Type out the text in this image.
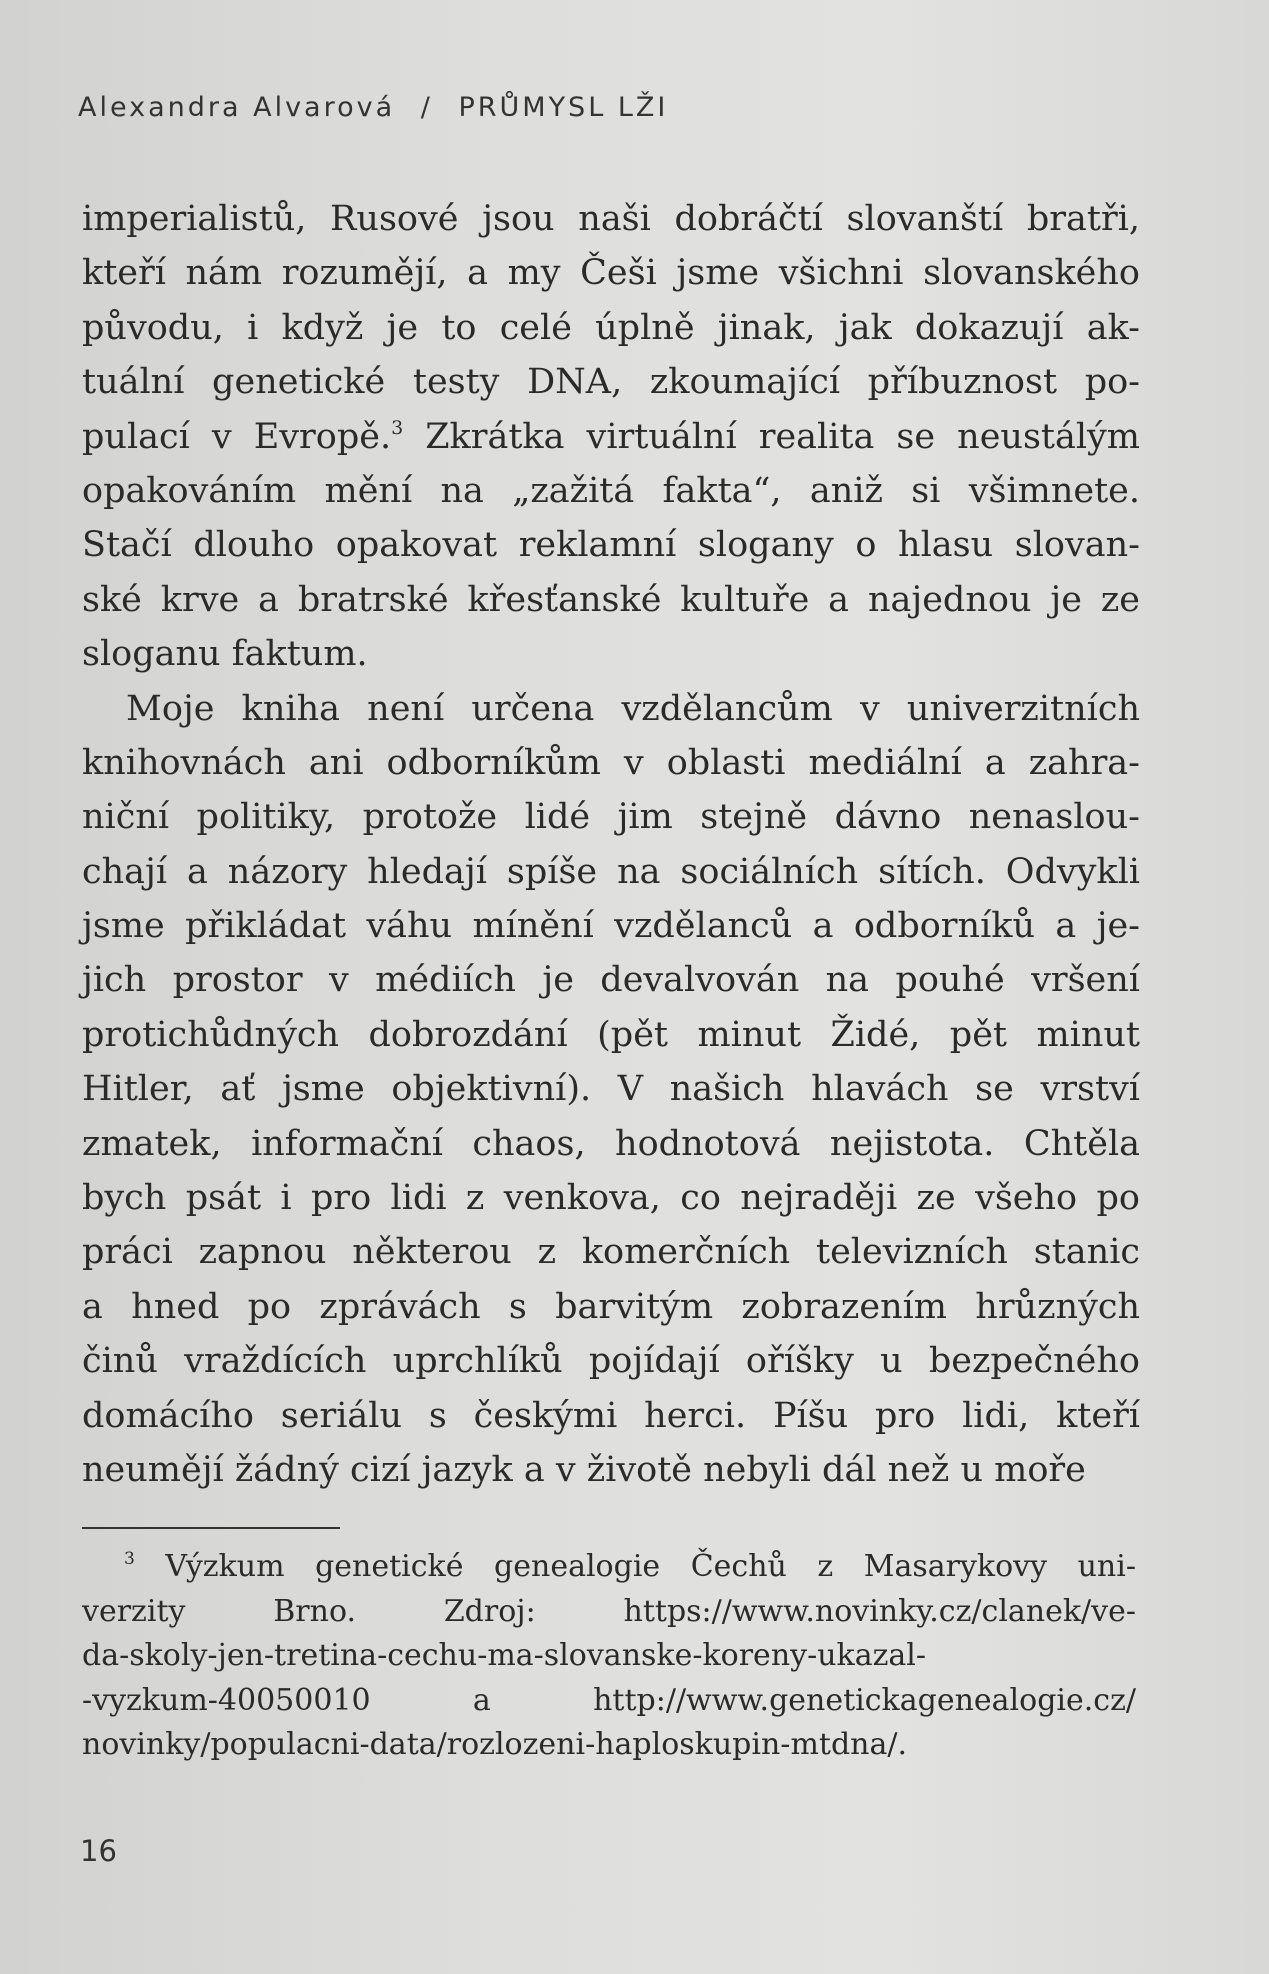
Alexandra Alvarová / PRŮMYSL LŽI
imperialistů, Rusové jsou naši dobráčtí slovanští bratři,
kteří nám rozumějí, a my Češi jsme všichni slovanského
původu, i když je to celé úplně jinak, jak dokazují ak-
tuální genetické testy DNA, zkoumající příbuznost po-
pulací v Evropě.$^3$ Zkrátka virtuální realita se neustálým
opakováním mění na „zažitá fakta“, aniž si všimnete.
Stačí dlouho opakovat reklamní slogany o hlasu slovan-
ské krve a bratrské křesťanské kultuře a najednou je ze
sloganu faktum.
Moje kniha není určena vzdělancům v univerzitních
knihovnách ani odborníkům v oblasti mediální a zahra-
niční politiky, protože lidé jim stejně dávno nenaslou-
chají a názory hledají spíše na sociálních sítích. Odvykli
jsme přikládat váhu mínění vzdělanců a odborníků a je-
jich prostor v médiích je devalvován na pouhé vršení
protichůdných dobrozdání (pět minut Židé, pět minut
Hitler, ať jsme objektivní). V našich hlavách se vrství
zmatek, informační chaos, hodnotová nejistota. Chtěla
bych psát i pro lidi z venkova, co nejraději ze všeho po
práci zapnou některou z komerčních televizních stanic
a hned po zprávách s barvitým zobrazením hrůzných
činů vraždících uprchlíků pojídají oříšky u bezpečného
domácího seriálu s českými herci. Píšu pro lidi, kteří
neumějí žádný cizí jazyk a v životě nebyli dál než u moře
$^3$ Výzkum genetické genealogie Čechů z Masarykovy uni-
verzity Brno. Zdroj: https://www.novinky.cz/clanek/ve-
da-skoly-jen-tretina-cechu-ma-slovanske-koreny-ukazal-
-vyzkum-40050010 a http://www.genetickagenealogie.cz/
novinky/populacni-data/rozlozeni-haploskupin-mtdna/.
16
